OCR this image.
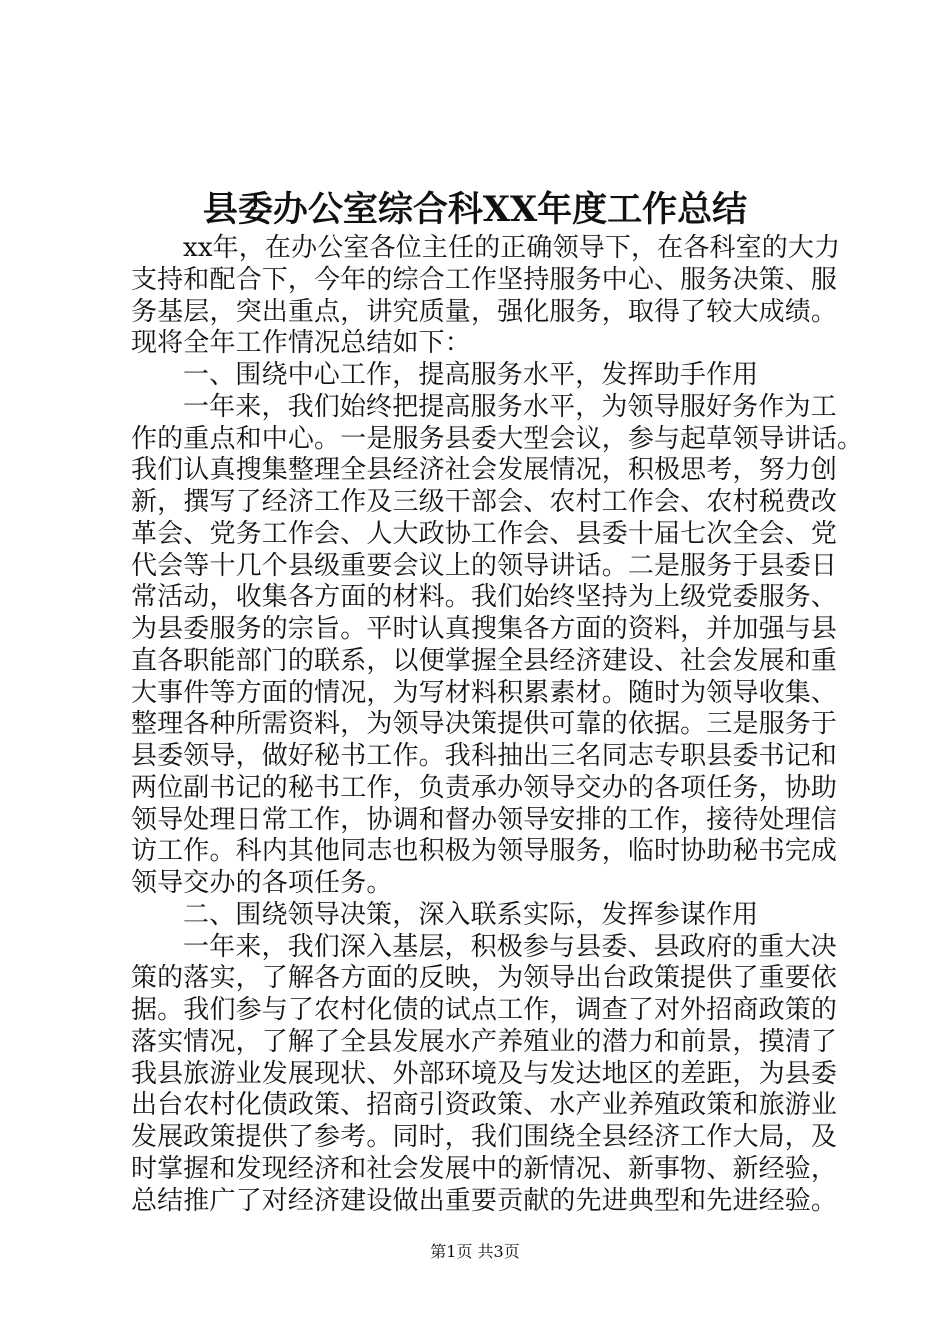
县委办公室综合科XX年度工作总结
xx年，在办公室各位主任的正确领导下，在各科室的大力
支持和配合下，今年的综合工作坚持服务中心、服务决策、服
务基层，突出重点，讲究质量，强化服务，取得了较大成绩。
现将全年工作情况总结如下：
一、围绕中心工作，提高服务水平，发挥助手作用
一年来，我们始终把提高服务水平，为领导服好务作为工
作的重点和中心。一是服务县委大型会议，参与起草领导讲话。
我们认真搜集整理全县经济社会发展情况，积极思考，努力创
新，撰写了经济工作及三级干部会、农村工作会、农村税费改
革会、党务工作会、人大政协工作会、县委十届七次全会、党
代会等十几个县级重要会议上的领导讲话。二是服务于县委日
常活动，收集各方面的材料。我们始终坚持为上级党委服务、
为县委服务的宗旨。平时认真搜集各方面的资料，并加强与县
直各职能部门的联系，以便掌握全县经济建设、社会发展和重
大事件等方面的情况，为写材料积累素材。随时为领导收集、
整理各种所需资料，为领导决策提供可靠的依据。三是服务于
县委领导，做好秘书工作。我科抽出三名同志专职县委书记和
两位副书记的秘书工作，负责承办领导交办的各项任务，协助
领导处理日常工作，协调和督办领导安排的工作，接待处理信
访工作。科内其他同志也积极为领导服务，临时协助秘书完成
领导交办的各项任务。
二、围绕领导决策，深入联系实际，发挥参谋作用
一年来，我们深入基层，积极参与县委、县政府的重大决
策的落实，了解各方面的反映，为领导出台政策提供了重要依
据。我们参与了农村化债的试点工作，调查了对外招商政策的
落实情况，了解了全县发展水产养殖业的潜力和前景，摸清了
我县旅游业发展现状、外部环境及与发达地区的差距，为县委
出台农村化债政策、招商引资政策、水产业养殖政策和旅游业
发展政策提供了参考。同时，我们围绕全县经济工作大局，及
时掌握和发现经济和社会发展中的新情况、新事物、新经验，
总结推广了对经济建设做出重要贡献的先进典型和先进经验。
第1页 共3页
